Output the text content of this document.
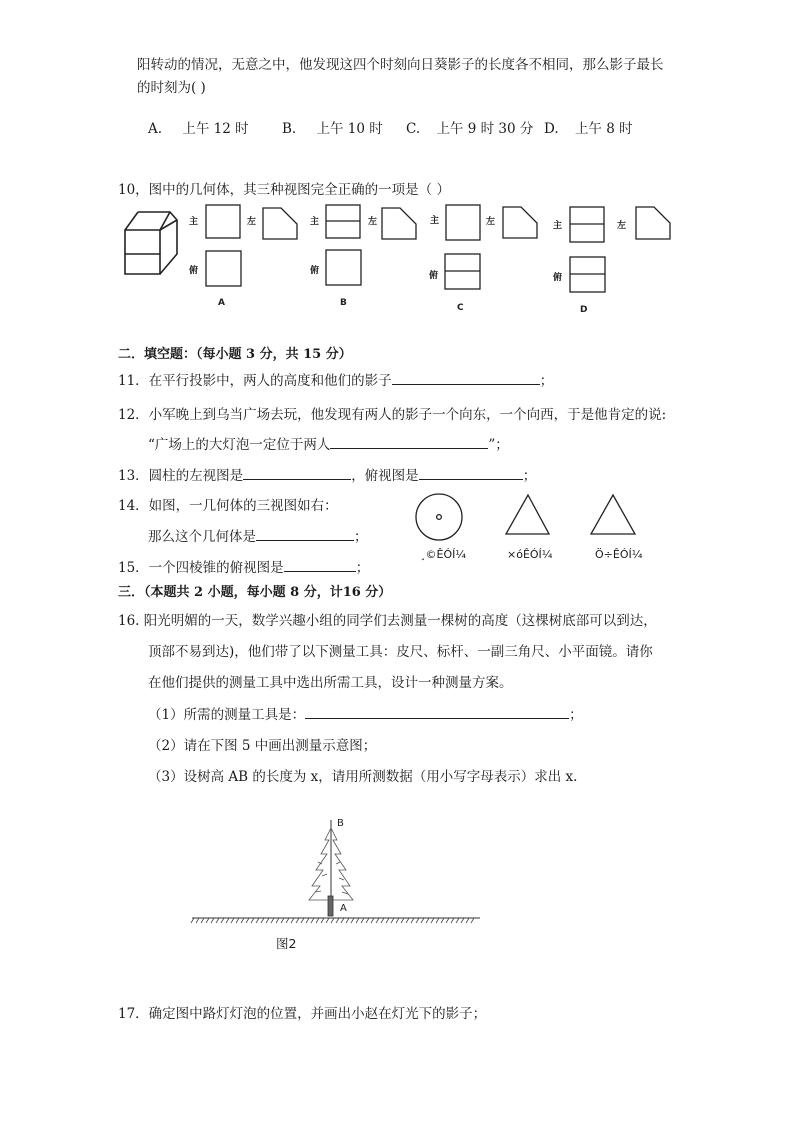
阳转动的情况，无意之中，他发现这四个时刻向日葵影子的长度各不相同，那么影子最长
的时刻为( )
A. 上午 12 时 B. 上午 10 时 C. 上午 9 时 30 分 D. 上午 8 时
10，图中的几何体，其三种视图完全正确的一项是（ ）
主	左
俯
A
主	左
俯
B
左
俯
C
主	左
俯
D
主
二．填空题：（每小题 3 分，共 15 分）
11．在平行投影中，两人的高度和他们的影子	；
12．小军晚上到乌当广场去玩，他发现有两人的影子一个向东，一个向西，于是他肯定的说:
“广场上的大灯泡一定位于两人	”；
13．圆柱的左视图是	，俯视图是	；
14．如图，一几何体的三视图如右：
那么这个几何体是	；
¸©ÊÓÍ¼	×óÊÓÍ¼	Ö÷ÊÓÍ¼
15．一个四棱锥的俯视图是	；
三．（本题共 2 小题，每小题 8 分，计16 分）
16. 阳光明媚的一天，数学兴趣小组的同学们去测量一棵树的高度（这棵树底部可以到达，
顶部不易到达)，他们带了以下测量工具：皮尺、标杆、一副三角尺、小平面镜。请你
在他们提供的测量工具中选出所需工具，设计一种测量方案。
（1）所需的测量工具是：	；
（2）请在下图 5 中画出测量示意图；
（3）设树高 AB 的长度为 x，请用所测数据（用小写字母表示）求出 x.
B
A
图2
17．确定图中路灯灯泡的位置，并画出小赵在灯光下的影子；
